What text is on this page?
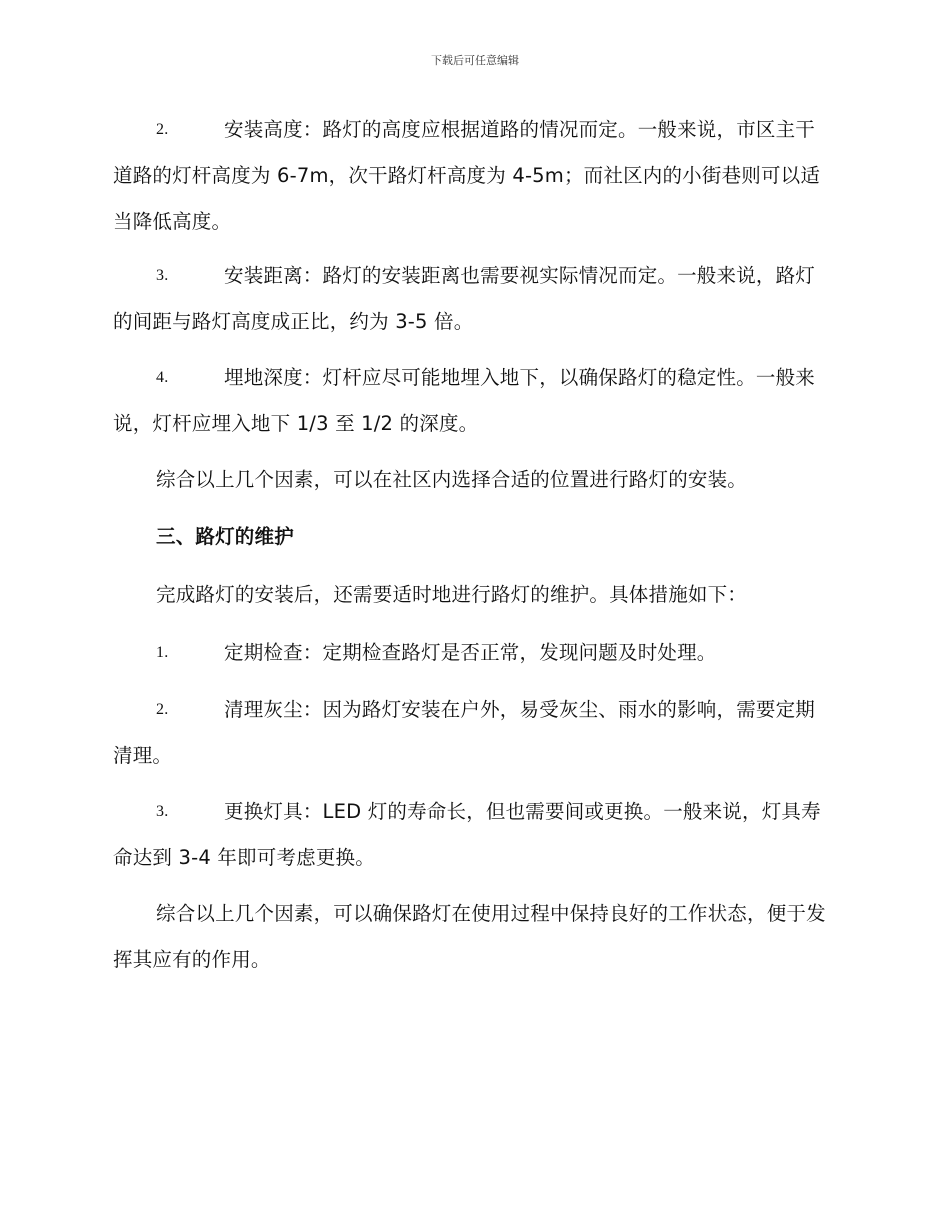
下载后可任意编辑

2.	安装高度：路灯的高度应根据道路的情况而定。一般来说，市区主干道路的灯杆高度为 6-7m，次干路灯杆高度为 4-5m；而社区内的小街巷则可以适当降低高度。

3.	安装距离：路灯的安装距离也需要视实际情况而定。一般来说，路灯的间距与路灯高度成正比，约为 3-5 倍。

4.	埋地深度：灯杆应尽可能地埋入地下，以确保路灯的稳定性。一般来说，灯杆应埋入地下 1/3 至 1/2 的深度。

综合以上几个因素，可以在社区内选择合适的位置进行路灯的安装。

三、路灯的维护

完成路灯的安装后，还需要适时地进行路灯的维护。具体措施如下：

1.	定期检查：定期检查路灯是否正常，发现问题及时处理。

2.	清理灰尘：因为路灯安装在户外，易受灰尘、雨水的影响，需要定期清理。

3.	更换灯具：LED 灯的寿命长，但也需要间或更换。一般来说，灯具寿命达到 3-4 年即可考虑更换。

综合以上几个因素，可以确保路灯在使用过程中保持良好的工作状态，便于发挥其应有的作用。
